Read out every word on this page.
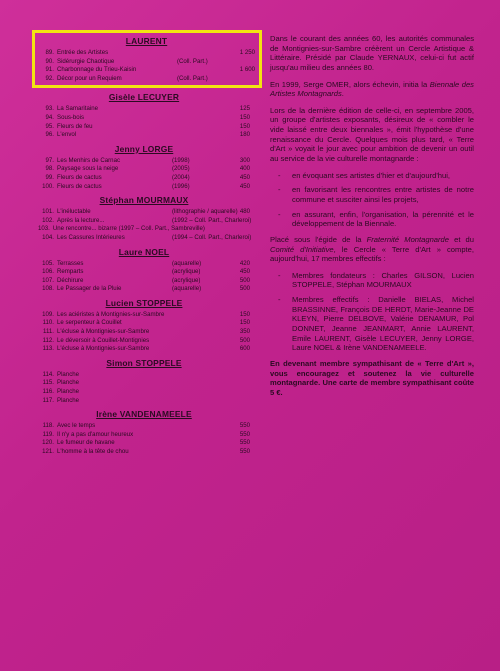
LAURENT
89. Entrée des Artistes	1 250
90. Sidérurgie Chaotique	(Coll. Part.)
91. Charbonnage du Trieu-Kaisin	1 600
92. Décor pour un Requiem	(Coll. Part.)
Gisèle LECUYER
93. La Samaritaine	125
94. Sous-bois	150
95. Fleurs de feu	150
96. L'envol	180
Jenny LORGE
97. Les Menhirs de Carnac	(1998)	300
98. Paysage sous la neige	(2005)	400
99. Fleurs de cactus	(2004)	450
100. Fleurs de cactus	(1996)	450
Stéphan MOURMAUX
101. L'inéluctable	(lithographie / aquarelle) 480
102. Après la lecture...	(1992 – Coll. Part., Charleroi)
103. Une rencontre... bizarre (1997 – Coll. Part., Sambreville)
104. Les Cassures Intérieures	(1994 – Coll. Part., Charleroi)
Laure NOEL
105. Terrasses	(aquarelle)	420
106. Remparts	(acrylique)	450
107. Déchirure	(acrylique)	500
108. Le Passager de la Pluie	(aquarelle)	500
Lucien STOPPELE
109. Les aciéristes à Montignies-sur-Sambre	150
110. Le serpenteur à Couillet	150
111. L'écluse à Montignies-sur-Sambre	350
112. Le déversoir à Couillet-Montignies	500
113. L'écluse à Montignies-sur-Sambre	600
Simon STOPPELE
114. Planche
115. Planche
116. Planche
117. Planche
Irène VANDENAMEELE
118. Avec le temps	550
119. Il n'y a pas d'amour heureux	550
120. Le fumeur de havane	550
121. L'homme à la tête de chou	550

Dans le courant des années 60, les autorités communales de Montignies-sur-Sambre créèrent un Cercle Artistique & Littéraire. Présidé par Claude YERNAUX, celui-ci fut actif jusqu'au milieu des années 80.

En 1999, Serge OMER, alors échevin, initia la Biennale des Artistes Montagnards.

Lors de la dernière édition de celle-ci, en septembre 2005, un groupe d'artistes exposants, désireux de « combler le vide laissé entre deux biennales », émit l'hypothèse d'une renaissance du Cercle. Quelques mois plus tard, « Terre d'Art » voyait le jour avec pour ambition de devenir un outil au service de la vie culturelle montagnarde :

- en évoquant ses artistes d'hier et d'aujourd'hui,
- en favorisant les rencontres entre artistes de notre commune et susciter ainsi les projets,
- en assurant, enfin, l'organisation, la pérennité et le développement de la Biennale.

Placé sous l'égide de la Fraternité Montagnarde et du Comité d'Initiative, le Cercle « Terre d'Art » compte, aujourd'hui, 17 membres effectifs :

- Membres fondateurs : Charles GILSON, Lucien STOPPELE, Stéphan MOURMAUX
- Membres effectifs : Danielle BIELAS, Michel BRASSINNE, François DE HERDT, Marie-Jeanne DE KLEYN, Pierre DELBOVE, Valérie DENAMUR, Pol DONNET, Jeanne JEANMART, Annie LAURENT, Emile LAURENT, Gisèle LECUYER, Jenny LORGE, Laure NOEL & Irène VANDENAMEELE.

En devenant membre sympathisant de « Terre d'Art », vous encouragez et soutenez la vie culturelle montagnarde. Une carte de membre sympathisant coûte 5 €.
